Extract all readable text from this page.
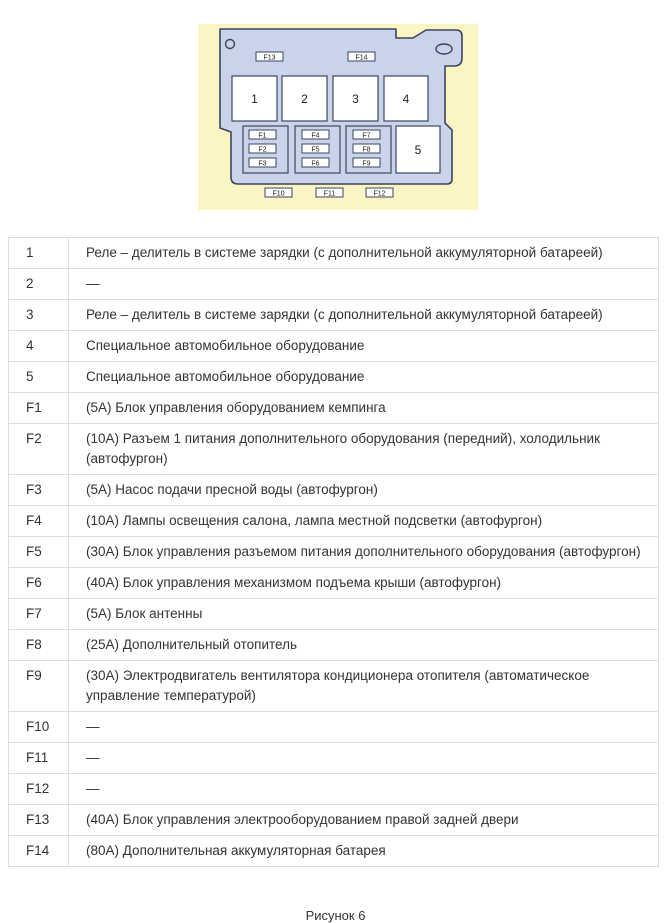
F13	F14
1	2	3	4
F1
F2
F3
F4
F5
F6
F7
F8
F9
5
F10	F11	F12
1	Реле – делитель в системе зарядки (с дополнительной аккумуляторной батареей)
2	—
3	Реле – делитель в системе зарядки (с дополнительной аккумуляторной батареей)
4	Специальное автомобильное оборудование
5	Специальное автомобильное оборудование
F1	(5А) Блок управления оборудованием кемпинга
F2	(10А) Разъем 1 питания дополнительного оборудования (передний), холодильник (автофургон)
F3	(5А) Насос подачи пресной воды (автофургон)
F4	(10А) Лампы освещения салона, лампа местной подсветки (автофургон)
F5	(30А) Блок управления разъемом питания дополнительного оборудования (автофургон)
F6	(40А) Блок управления механизмом подъема крыши (автофургон)
F7	(5А) Блок антенны
F8	(25А) Дополнительный отопитель
F9	(30А) Электродвигатель вентилятора кондиционера отопителя (автоматическое управление температурой)
F10	—
F11	—
F12	—
F13	(40А) Блок управления электрооборудованием правой задней двери
F14	(80А) Дополнительная аккумуляторная батарея
Рисунок 6
